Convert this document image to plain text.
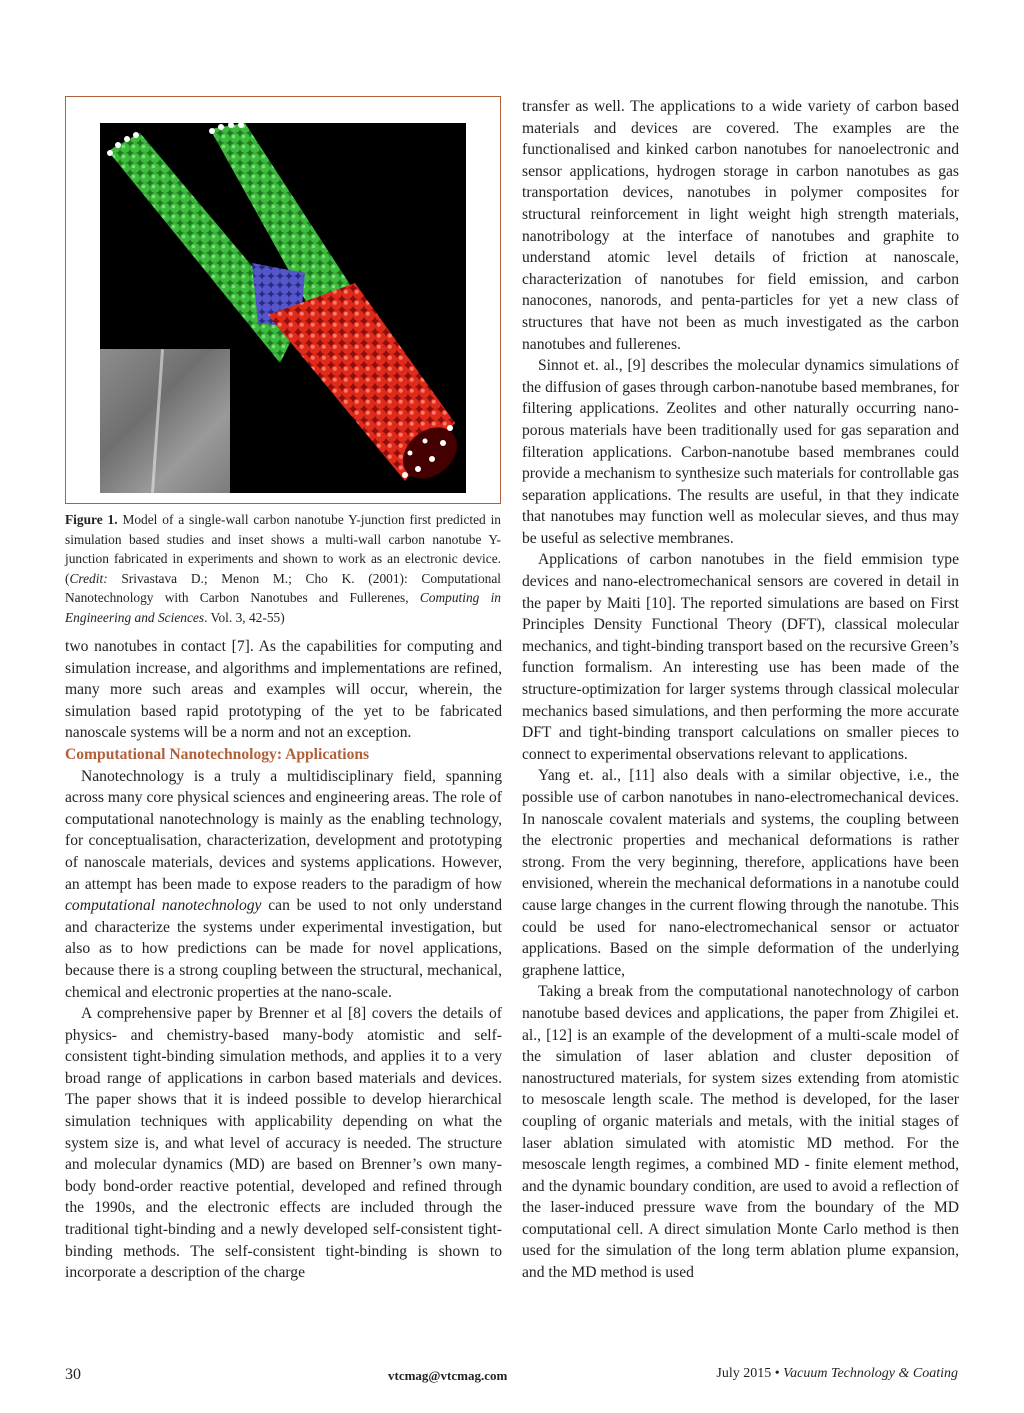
Figure 1. Model of a single-wall carbon nanotube Y-junction first predicted in simulation based studies and inset shows a multi-wall carbon nanotube Y-junction fabricated in experiments and shown to work as an electronic device. (Credit: Srivastava D.; Menon M.; Cho K. (2001): Computational Nanotechnology with Carbon Nanotubes and Fullerenes, Computing in Engineering and Sciences. Vol. 3, 42-55)

two nanotubes in contact [7]. As the capabilities for computing and simulation increase, and algorithms and implementations are refined, many more such areas and examples will occur, wherein, the simulation based rapid prototyping of the yet to be fabricated nanoscale systems will be a norm and not an exception.

Computational Nanotechnology: Applications

Nanotechnology is a truly a multidisciplinary field, spanning across many core physical sciences and engineering areas. The role of computational nanotechnology is mainly as the enabling technology, for conceptualisation, characterization, development and prototyping of nanoscale materials, devices and systems applications. However, an attempt has been made to expose readers to the paradigm of how computational nanotechnology can be used to not only understand and characterize the systems under experimental investigation, but also as to how predictions can be made for novel applications, because there is a strong coupling between the structural, mechanical, chemical and electronic properties at the nano-scale.

A comprehensive paper by Brenner et al [8] covers the details of physics- and chemistry-based many-body atomistic and self-consistent tight-binding simulation methods, and applies it to a very broad range of applications in carbon based materials and devices. The paper shows that it is indeed possible to develop hierarchical simulation techniques with applicability depending on what the system size is, and what level of accuracy is needed. The structure and molecular dynamics (MD) are based on Brenner’s own many-body bond-order reactive potential, developed and refined through the 1990s, and the electronic effects are included through the traditional tight-binding and a newly developed self-consistent tight-binding methods. The self-consistent tight-binding is shown to incorporate a description of the charge

transfer as well. The applications to a wide variety of carbon based materials and devices are covered. The examples are the functionalised and kinked carbon nanotubes for nanoelectronic and sensor applications, hydrogen storage in carbon nanotubes as gas transportation devices, nanotubes in polymer composites for structural reinforcement in light weight high strength materials, nanotribology at the interface of nanotubes and graphite to understand atomic level details of friction at nanoscale, characterization of nanotubes for field emission, and carbon nanocones, nanorods, and penta-particles for yet a new class of structures that have not been as much investigated as the carbon nanotubes and fullerenes.

Sinnot et. al., [9] describes the molecular dynamics simulations of the diffusion of gases through carbon-nanotube based membranes, for filtering applications. Zeolites and other naturally occurring nano-porous materials have been traditionally used for gas separation and filteration applications. Carbon-nanotube based membranes could provide a mechanism to synthesize such materials for controllable gas separation applications. The results are useful, in that they indicate that nanotubes may function well as molecular sieves, and thus may be useful as selective membranes.

Applications of carbon nanotubes in the field emmision type devices and nano-electromechanical sensors are covered in detail in the paper by Maiti [10]. The reported simulations are based on First Principles Density Functional Theory (DFT), classical molecular mechanics, and tight-binding transport based on the recursive Green’s function formalism. An interesting use has been made of the structure-optimization for larger systems through classical molecular mechanics based simulations, and then performing the more accurate DFT and tight-binding transport calculations on smaller pieces to connect to experimental observations relevant to applications.

Yang et. al., [11] also deals with a similar objective, i.e., the possible use of carbon nanotubes in nano-electromechanical devices. In nanoscale covalent materials and systems, the coupling between the electronic properties and mechanical deformations is rather strong. From the very beginning, therefore, applications have been envisioned, wherein the mechanical deformations in a nanotube could cause large changes in the current flowing through the nanotube. This could be used for nano-electromechanical sensor or actuator applications. Based on the simple deformation of the underlying graphene lattice,

Taking a break from the computational nanotechnology of carbon nanotube based devices and applications, the paper from Zhigilei et. al., [12] is an example of the development of a multi-scale model of the simulation of laser ablation and cluster deposition of nanostructured materials, for system sizes extending from atomistic to mesoscale length scale. The method is developed, for the laser coupling of organic materials and metals, with the initial stages of laser ablation simulated with atomistic MD method. For the mesoscale length regimes, a combined MD - finite element method, and the dynamic boundary condition, are used to avoid a reflection of the laser-induced pressure wave from the boundary of the MD computational cell. A direct simulation Monte Carlo method is then used for the simulation of the long term ablation plume expansion, and the MD method is used

30	vtcmag@vtcmag.com	July 2015 • Vacuum Technology & Coating
